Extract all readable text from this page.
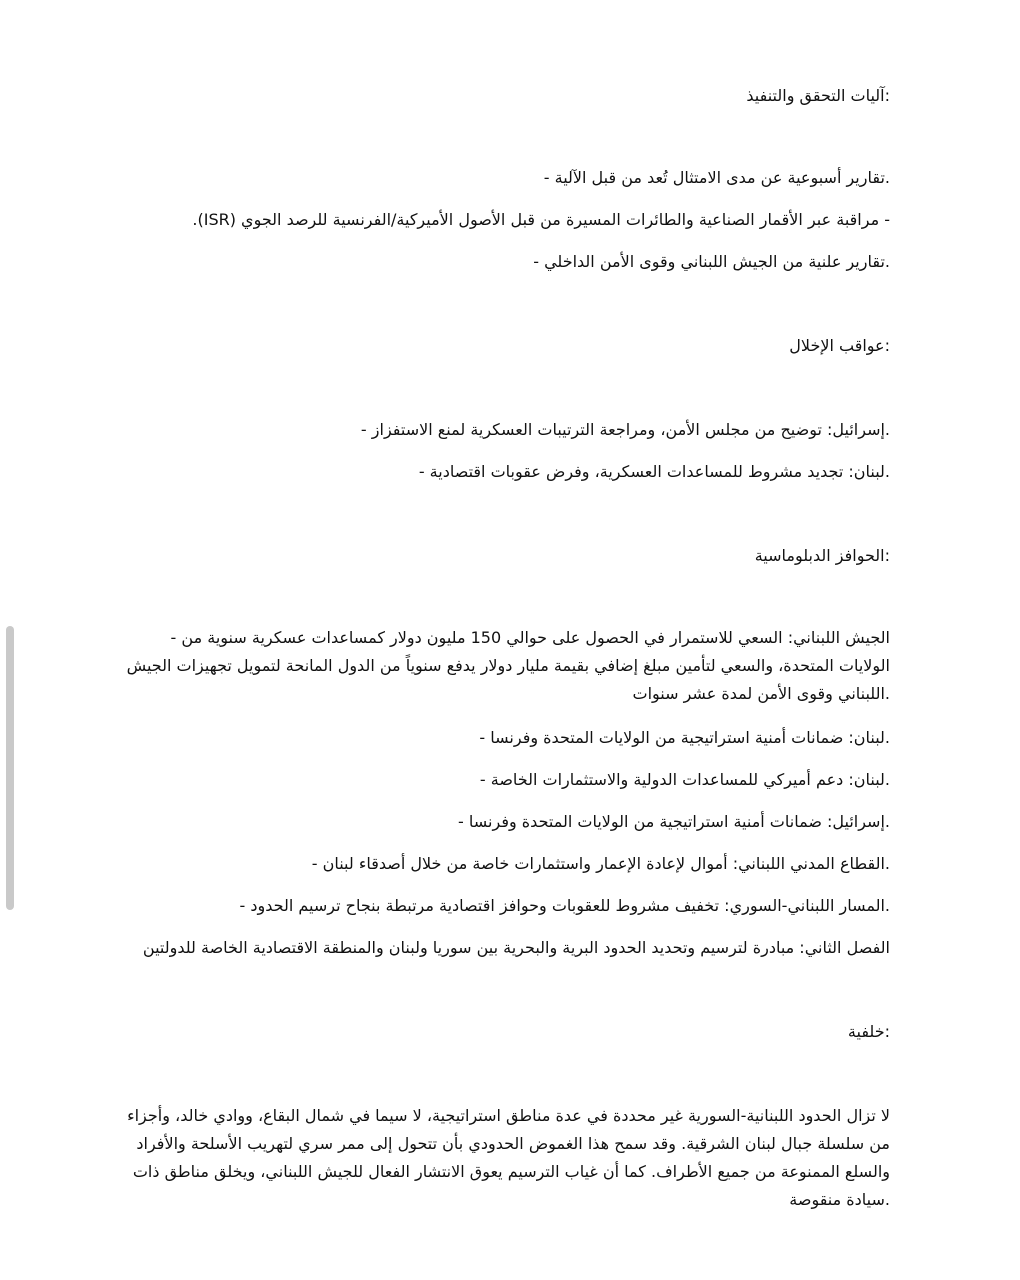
:آليات التحقق والتنفيذ
.تقارير أسبوعية عن مدى الامتثال تُعد من قبل الآلية -
.(ISR) مراقبة عبر الأقمار الصناعية والطائرات المسيرة من قبل الأصول الأميركية/الفرنسية للرصد الجوي -
.تقارير علنية من الجيش اللبناني وقوى الأمن الداخلي -
:عواقب الإخلال
.إسرائيل: توضيح من مجلس الأمن، ومراجعة الترتيبات العسكرية لمنع الاستفزاز -
.لبنان: تجديد مشروط للمساعدات العسكرية، وفرض عقوبات اقتصادية -
:الحوافز الدبلوماسية
الجيش اللبناني: السعي للاستمرار في الحصول على حوالي 150 مليون دولار كمساعدات عسكرية سنوية من -
الولايات المتحدة، والسعي لتأمين مبلغ إضافي بقيمة مليار دولار يدفع سنوياً من الدول المانحة لتمويل تجهيزات الجيش
.اللبناني وقوى الأمن لمدة عشر سنوات
.لبنان: ضمانات أمنية استراتيجية من الولايات المتحدة وفرنسا -
.لبنان: دعم أميركي للمساعدات الدولية والاستثمارات الخاصة -
.إسرائيل: ضمانات أمنية استراتيجية من الولايات المتحدة وفرنسا -
.القطاع المدني اللبناني: أموال لإعادة الإعمار واستثمارات خاصة من خلال أصدقاء لبنان -
.المسار اللبناني-السوري: تخفيف مشروط للعقوبات وحوافز اقتصادية مرتبطة بنجاح ترسيم الحدود -
الفصل الثاني: مبادرة لترسيم وتحديد الحدود البرية والبحرية بين سوريا ولبنان والمنطقة الاقتصادية الخاصة للدولتين
:خلفية
لا تزال الحدود اللبنانية-السورية غير محددة في عدة مناطق استراتيجية، لا سيما في شمال البقاع، ووادي خالد، وأجزاء
من سلسلة جبال لبنان الشرقية. وقد سمح هذا الغموض الحدودي بأن تتحول إلى ممر سري لتهريب الأسلحة والأفراد
والسلع الممنوعة من جميع الأطراف. كما أن غياب الترسيم يعوق الانتشار الفعال للجيش اللبناني، ويخلق مناطق ذات
.سيادة منقوصة
